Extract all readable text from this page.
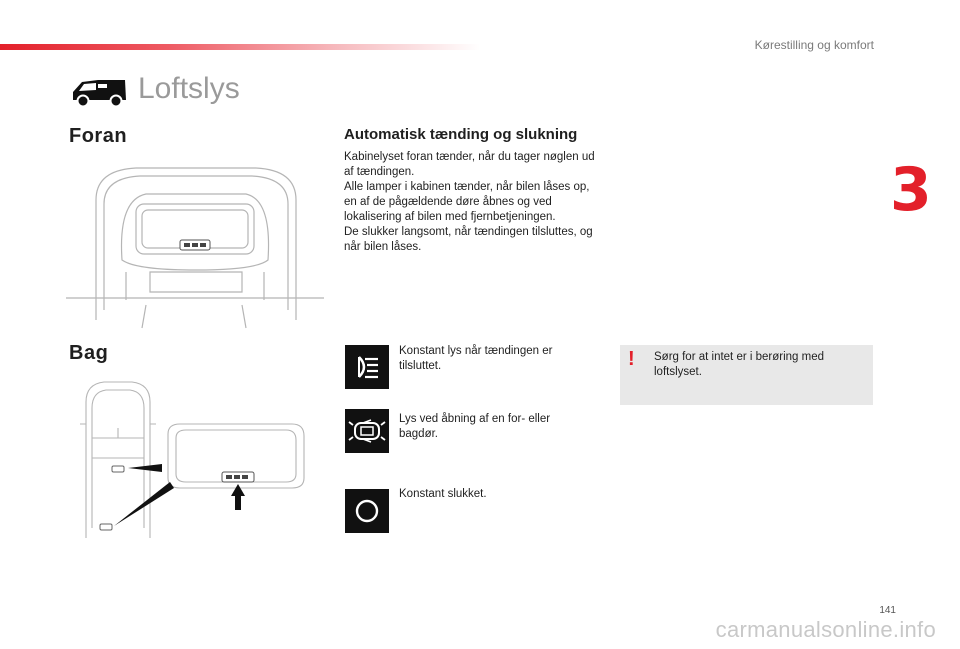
Kørestilling og komfort
3
Loftslys
Foran	Automatisk tænding og slukning

Kabinelyset foran tænder, når du tager nøglen ud af tændingen.

Alle lamper i kabinen tænder, når bilen låses op, en af de pågældende døre åbnes og ved lokalisering af bilen med fjernbetjeningen.

De slukker langsomt, når tændingen tilsluttes, og når bilen låses.

Bag	Konstant lys når tændingen er tilsluttet.
Lys ved åbning af en for- eller bagdør.
Konstant slukket.
!	Sørg for at intet er i berøring med loftslyset.
141
carmanualsonline.info
